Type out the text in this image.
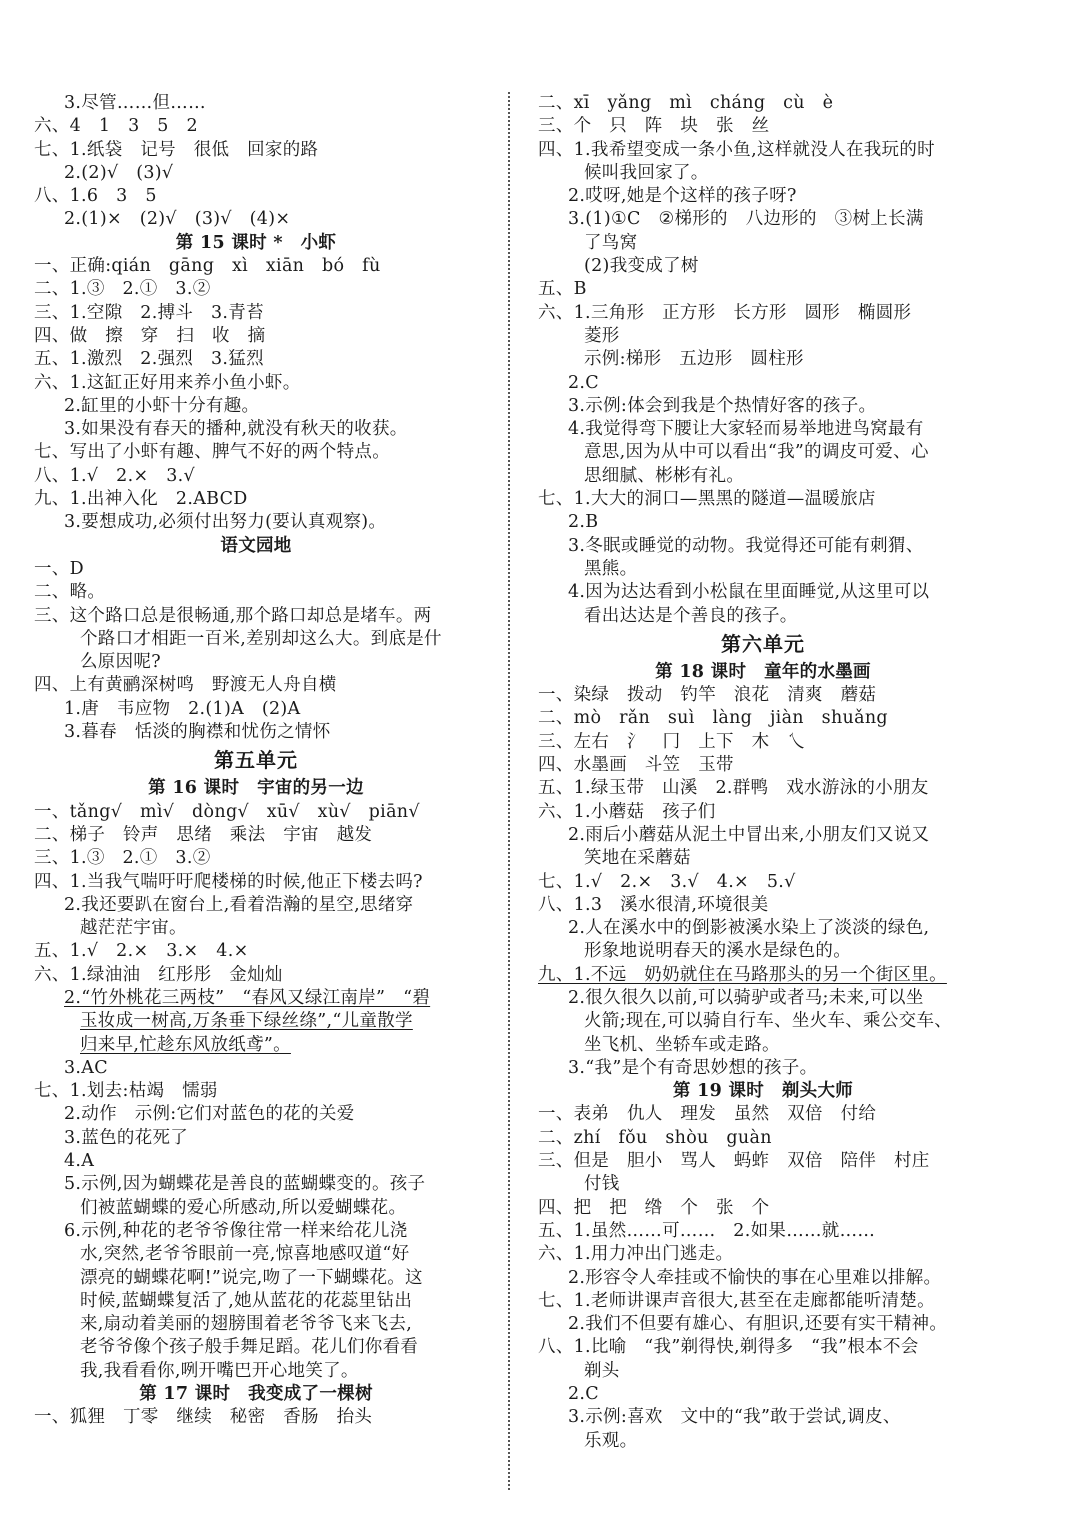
3.尽管……但……
六、4　1　3　5　2
七、1.纸袋　记号　很低　回家的路
2.(2)√　(3)√
八、1.6　3　5
2.(1)×　(2)√　(3)√　(4)×
第 15 课时 *　小虾
一、正确:qián　gāng　xì　xiān　bó　fù
二、1.③　2.①　3.②
三、1.空隙　2.搏斗　3.青苔
四、做　擦　穿　扫　收　摘
五、1.激烈　2.强烈　3.猛烈
六、1.这缸正好用来养小鱼小虾。
2.缸里的小虾十分有趣。
3.如果没有春天的播种,就没有秋天的收获。
七、写出了小虾有趣、脾气不好的两个特点。
八、1.√　2.×　3.√
九、1.出神入化　2.ABCD
3.要想成功,必须付出努力(要认真观察)。
语文园地
一、D
二、略。
三、这个路口总是很畅通,那个路口却总是堵车。两
个路口才相距一百米,差别却这么大。到底是什
么原因呢?
四、上有黄鹂深树鸣　野渡无人舟自横
1.唐　韦应物　2.(1)A　(2)A
3.暮春　恬淡的胸襟和忧伤之情怀
第五单元
第 16 课时　宇宙的另一边
一、tǎng√　mì√　dòng√　xū√　xù√　piān√
二、梯子　铃声　思绪　乘法　宇宙　越发
三、1.③　2.①　3.②
四、1.当我气喘吁吁爬楼梯的时候,他正下楼去吗?
2.我还要趴在窗台上,看着浩瀚的星空,思绪穿
越茫茫宇宙。
五、1.√　2.×　3.×　4.×
六、1.绿油油　红彤彤　金灿灿
2.“竹外桃花三两枝”　“春风又绿江南岸”　“碧
玉妆成一树高,万条垂下绿丝绦”,“儿童散学
归来早,忙趁东风放纸鸢”。
3.AC
七、1.划去:枯竭　懦弱
2.动作　示例:它们对蓝色的花的关爱
3.蓝色的花死了
4.A
5.示例,因为蝴蝶花是善良的蓝蝴蝶变的。孩子
们被蓝蝴蝶的爱心所感动,所以爱蝴蝶花。
6.示例,种花的老爷爷像往常一样来给花儿浇
水,突然,老爷爷眼前一亮,惊喜地感叹道“好
漂亮的蝴蝶花啊!”说完,吻了一下蝴蝶花。这
时候,蓝蝴蝶复活了,她从蓝花的花蕊里钻出
来,扇动着美丽的翅膀围着老爷爷飞来飞去,
老爷爷像个孩子般手舞足蹈。花儿们你看看
我,我看看你,咧开嘴巴开心地笑了。
第 17 课时　我变成了一棵树
一、狐狸　丁零　继续　秘密　香肠　抬头
二、xī　yǎng　mì　cháng　cù　è
三、个　只　阵　块　张　丝
四、1.我希望变成一条小鱼,这样就没人在我玩的时
候叫我回家了。
2.哎呀,她是个这样的孩子呀?
3.(1)①C　②梯形的　八边形的　③树上长满
了鸟窝
(2)我变成了树
五、B
六、1.三角形　正方形　长方形　圆形　椭圆形
菱形
示例:梯形　五边形　圆柱形
2.C
3.示例:体会到我是个热情好客的孩子。
4.我觉得弯下腰让大家轻而易举地进鸟窝最有
意思,因为从中可以看出“我”的调皮可爱、心
思细腻、彬彬有礼。
七、1.大大的洞口—黑黑的隧道—温暖旅店
2.B
3.冬眠或睡觉的动物。我觉得还可能有刺猬、
黑熊。
4.因为达达看到小松鼠在里面睡觉,从这里可以
看出达达是个善良的孩子。
第六单元
第 18 课时　童年的水墨画
一、染绿　拨动　钓竿　浪花　清爽　蘑菇
二、mò　rǎn　suì　làng　jiàn　shuǎng
三、左右　氵　冂　上下　木　乀
四、水墨画　斗笠　玉带
五、1.绿玉带　山溪　2.群鸭　戏水游泳的小朋友
六、1.小蘑菇　孩子们
2.雨后小蘑菇从泥土中冒出来,小朋友们又说又
笑地在采蘑菇
七、1.√　2.×　3.√　4.×　5.√
八、1.3　溪水很清,环境很美
2.人在溪水中的倒影被溪水染上了淡淡的绿色,
形象地说明春天的溪水是绿色的。
九、1.不远　奶奶就住在马路那头的另一个街区里。
2.很久很久以前,可以骑驴或者马;未来,可以坐
火箭;现在,可以骑自行车、坐火车、乘公交车、
坐飞机、坐轿车或走路。
3.“我”是个有奇思妙想的孩子。
第 19 课时　剃头大师
一、表弟　仇人　理发　虽然　双倍　付给
二、zhí　fǒu　shòu　guàn
三、但是　胆小　骂人　蚂蚱　双倍　陪伴　村庄
付钱
四、把　把　绺　个　张　个
五、1.虽然……可……　2.如果……就……
六、1.用力冲出门逃走。
2.形容令人牵挂或不愉快的事在心里难以排解。
七、1.老师讲课声音很大,甚至在走廊都能听清楚。
2.我们不但要有雄心、有胆识,还要有实干精神。
八、1.比喻　“我”剃得快,剃得多　“我”根本不会
剃头
2.C
3.示例:喜欢　文中的“我”敢于尝试,调皮、
乐观。
